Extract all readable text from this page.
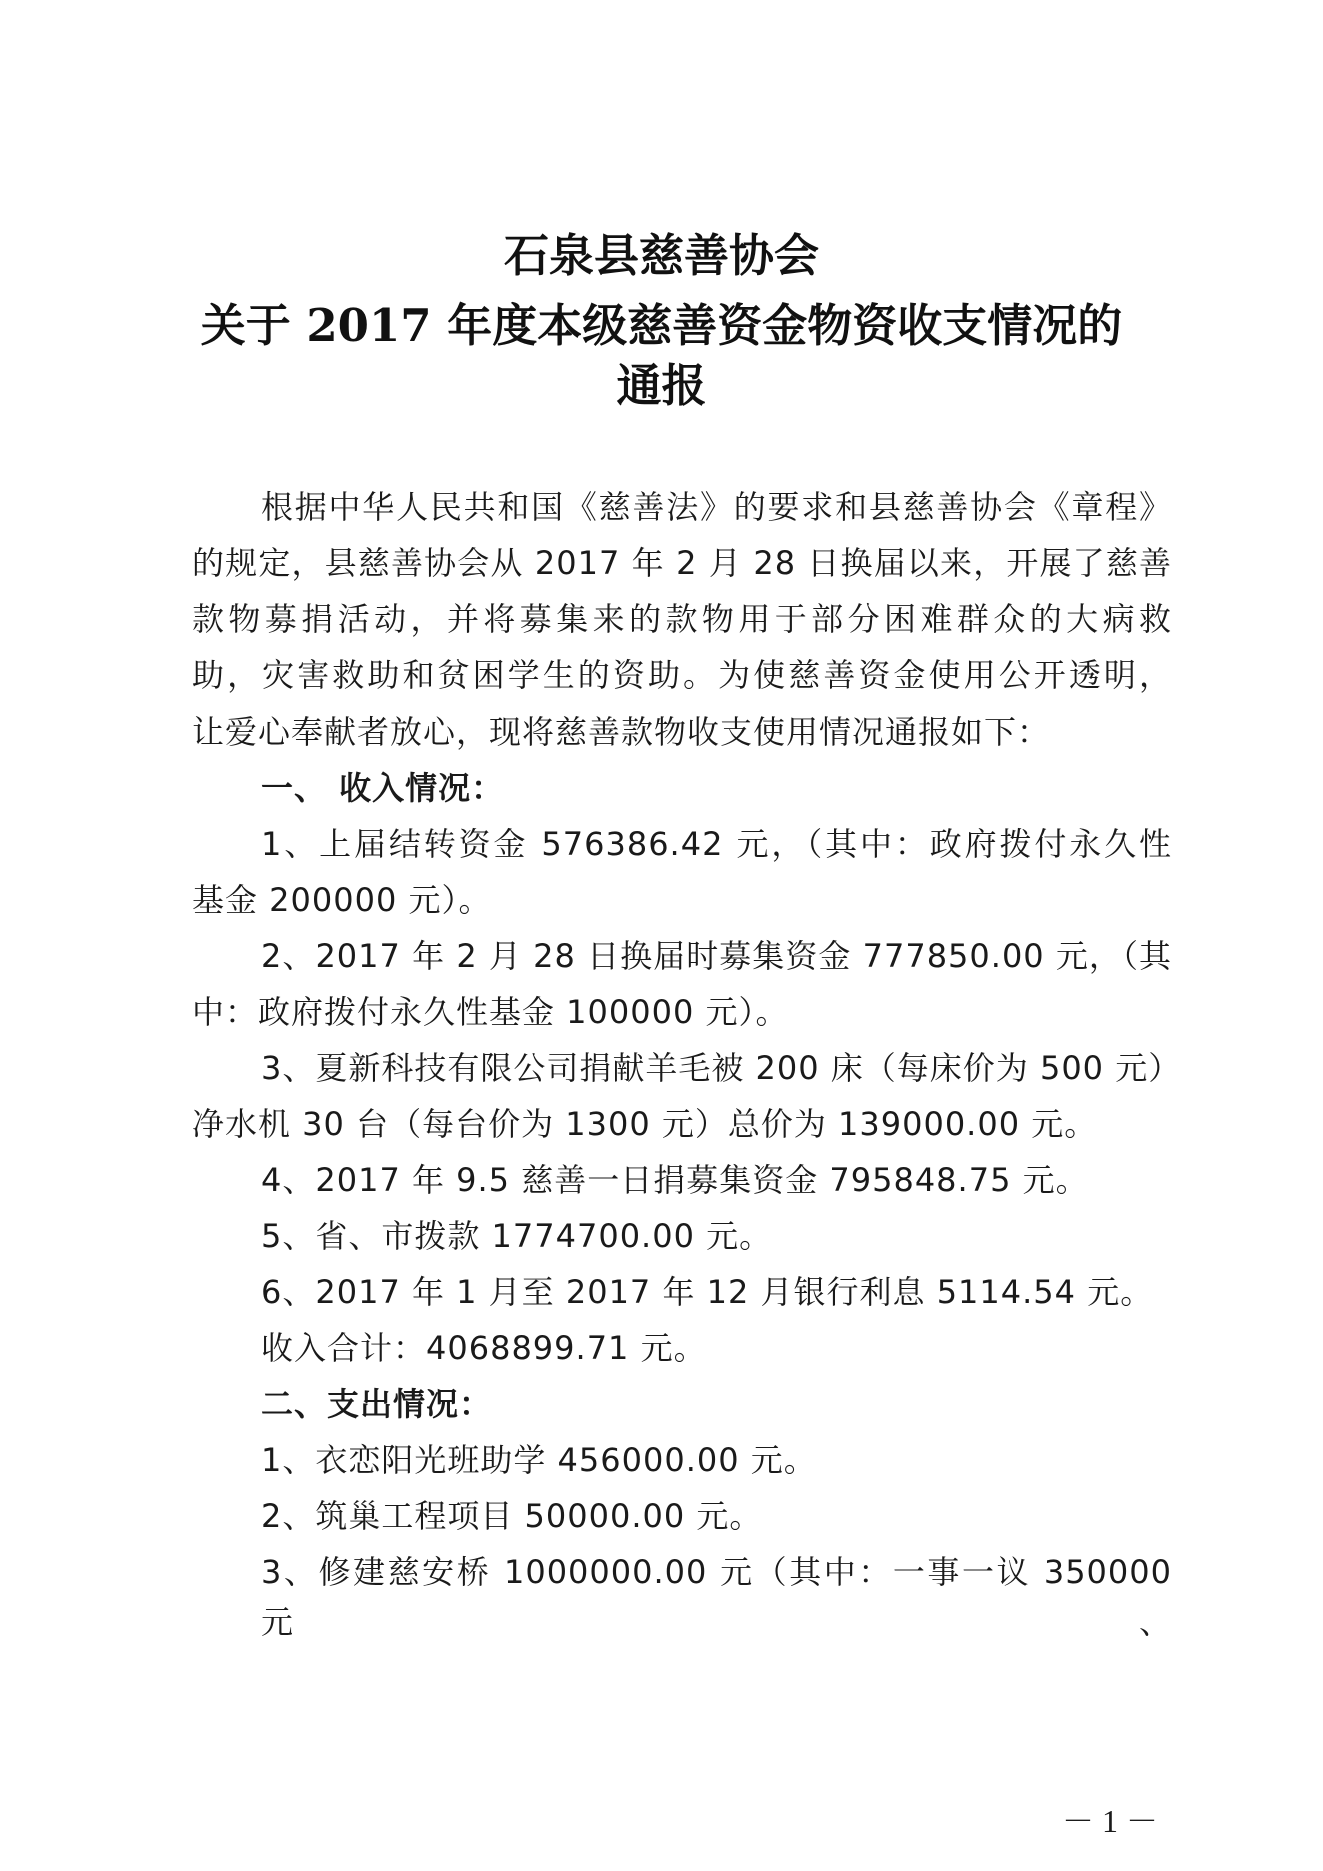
石泉县慈善协会
关于 2017 年度本级慈善资金物资收支情况的
通报

根据中华人民共和国《慈善法》的要求和县慈善协会《章程》

的规定，县慈善协会从 2017 年 2 月 28 日换届以来，开展了慈善

款物募捐活动，并将募集来的款物用于部分困难群众的大病救

助，灾害救助和贫困学生的资助。为使慈善资金使用公开透明，

让爱心奉献者放心，现将慈善款物收支使用情况通报如下：

一、 收入情况：

1、上届结转资金 576386.42 元，（其中：政府拨付永久性

基金 200000 元）。

2、2017 年 2 月 28 日换届时募集资金 777850.00 元，（其

中：政府拨付永久性基金 100000 元）。

3、夏新科技有限公司捐献羊毛被 200 床（每床价为 500 元）

净水机 30 台（每台价为 1300 元）总价为 139000.00 元。

4、2017 年 9.5 慈善一日捐募集资金 795848.75 元。

5、省、市拨款 1774700.00 元。

6、2017 年 1 月至 2017 年 12 月银行利息 5114.54 元。

收入合计：4068899.71 元。

二、支出情况：

1、衣恋阳光班助学 456000.00 元。

2、筑巢工程项目 50000.00 元。

3、修建慈安桥 1000000.00 元（其中：一事一议 350000 元、

－ 1 －
